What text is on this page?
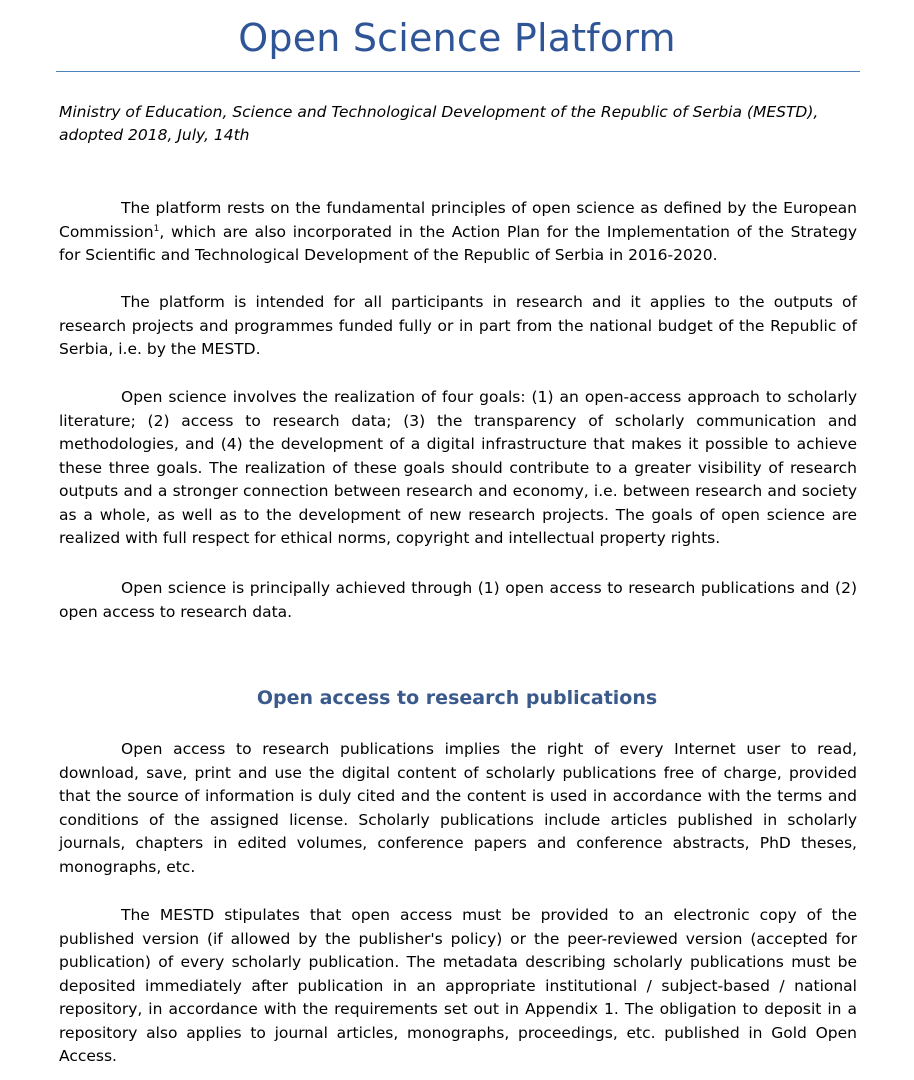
Open Science Platform

Ministry of Education, Science and Technological Development of the Republic of Serbia (MESTD), adopted 2018, July, 14th

The platform rests on the fundamental principles of open science as defined by the European Commission$^1$, which are also incorporated in the Action Plan for the Implementation of the Strategy for Scientific and Technological Development of the Republic of Serbia in 2016-2020.

The platform is intended for all participants in research and it applies to the outputs of research projects and programmes funded fully or in part from the national budget of the Republic of Serbia, i.e. by the MESTD.

Open science involves the realization of four goals: (1) an open-access approach to scholarly literature; (2) access to research data; (3) the transparency of scholarly communication and methodologies, and (4) the development of a digital infrastructure that makes it possible to achieve these three goals. The realization of these goals should contribute to a greater visibility of research outputs and a stronger connection between research and economy, i.e. between research and society as a whole, as well as to the development of new research projects. The goals of open science are realized with full respect for ethical norms, copyright and intellectual property rights.

Open science is principally achieved through (1) open access to research publications and (2) open access to research data.

Open access to research publications

Open access to research publications implies the right of every Internet user to read, download, save, print and use the digital content of scholarly publications free of charge, provided that the source of information is duly cited and the content is used in accordance with the terms and conditions of the assigned license. Scholarly publications include articles published in scholarly journals, chapters in edited volumes, conference papers and conference abstracts, PhD theses, monographs, etc.

The MESTD stipulates that open access must be provided to an electronic copy of the published version (if allowed by the publisher's policy) or the peer-reviewed version (accepted for publication) of every scholarly publication. The metadata describing scholarly publications must be deposited immediately after publication in an appropriate institutional / subject-based / national repository, in accordance with the requirements set out in Appendix 1. The obligation to deposit in a repository also applies to journal articles, monographs, proceedings, etc. published in Gold Open Access.
